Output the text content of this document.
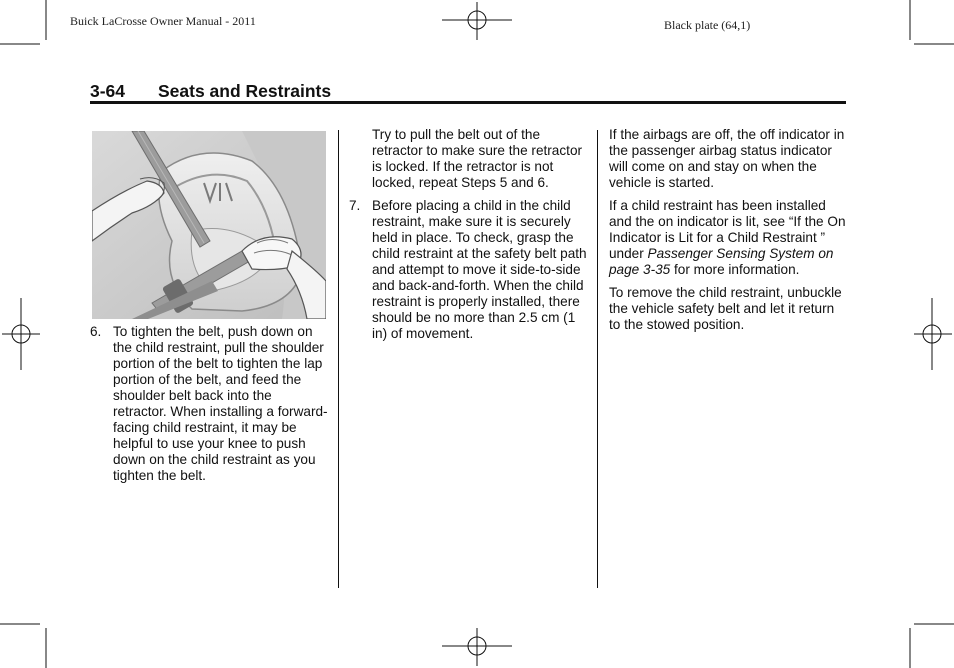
Buick LaCrosse Owner Manual - 2011	Black plate (64,1)
3-64 Seats and Restraints
6. To tighten the belt, push down on the child restraint, pull the shoulder portion of the belt to tighten the lap portion of the belt, and feed the shoulder belt back into the retractor. When installing a forward-facing child restraint, it may be helpful to use your knee to push down on the child restraint as you tighten the belt.

Try to pull the belt out of the retractor to make sure the retractor is locked. If the retractor is not locked, repeat Steps 5 and 6.

7. Before placing a child in the child restraint, make sure it is securely held in place. To check, grasp the child restraint at the safety belt path and attempt to move it side-to-side and back-and-forth. When the child restraint is properly installed, there should be no more than 2.5 cm (1 in) of movement.

If the airbags are off, the off indicator in the passenger airbag status indicator will come on and stay on when the vehicle is started.

If a child restraint has been installed and the on indicator is lit, see “If the On Indicator is Lit for a Child Restraint ” under Passenger Sensing System on page 3-35 for more information.

To remove the child restraint, unbuckle the vehicle safety belt and let it return to the stowed position.
